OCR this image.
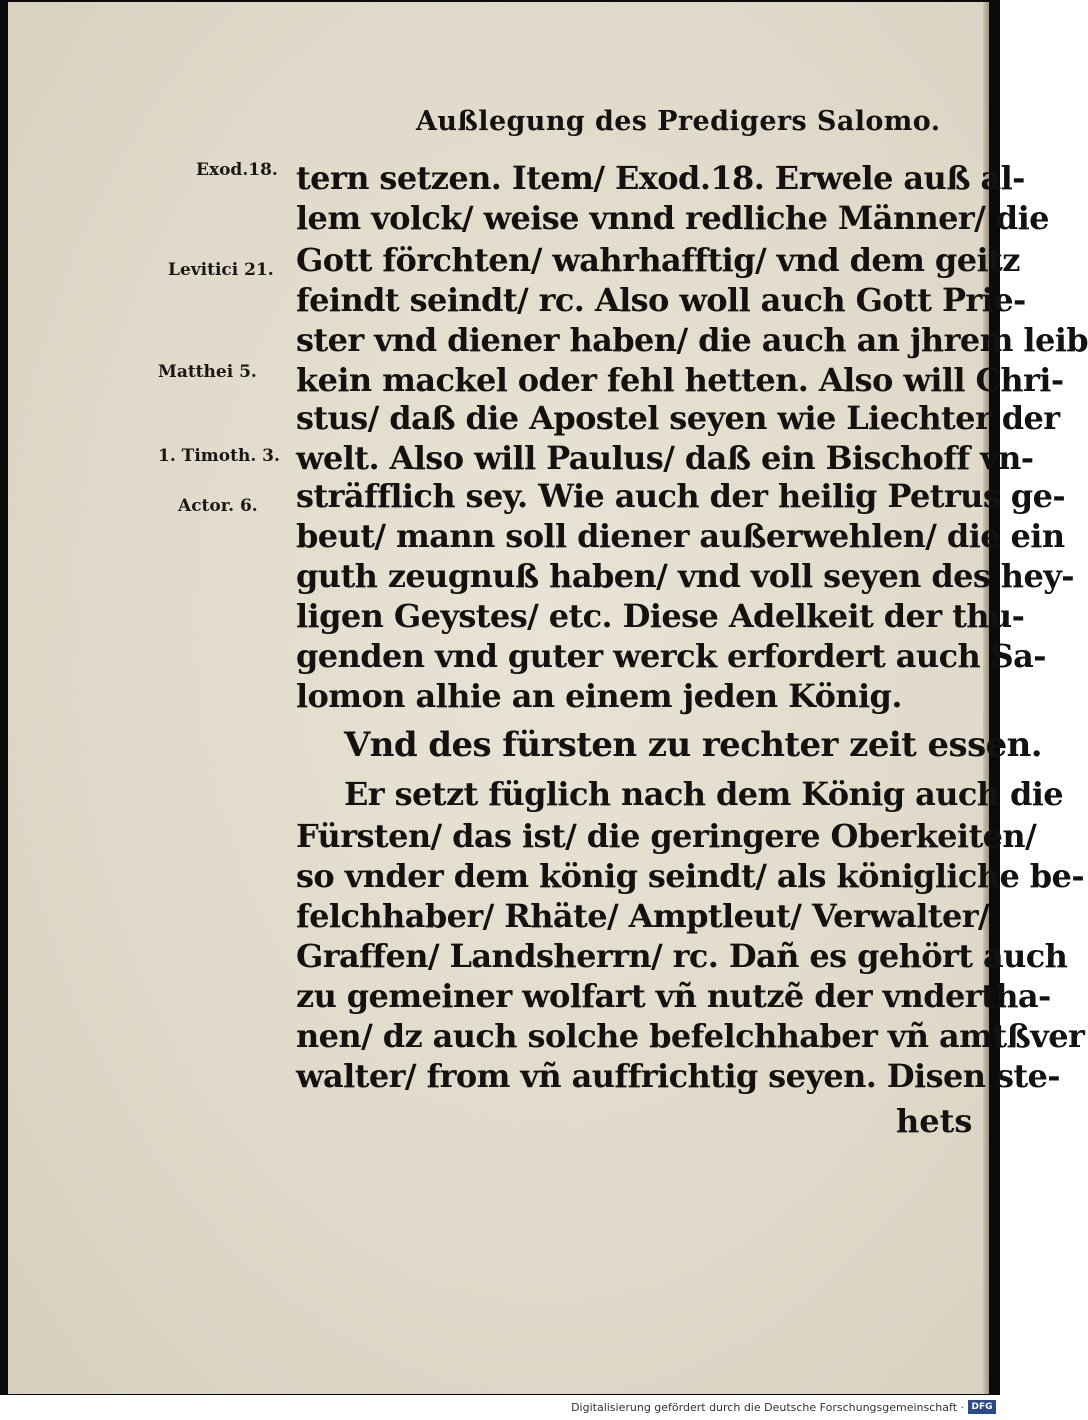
Außlegung des Predigers Salomo.
Exod.18.
Levitici 21.
Matthei 5.
1. Timoth. 3.
Actor. 6.
tern setzen. Item/ Exod.18. Erwele auß al-
lem volck/ weise vnnd redliche Männer/ die
Gott förchten/ wahrhafftig/ vnd dem geitz
feindt seindt/ rc. Also woll auch Gott Prie-
ster vnd diener haben/ die auch an jhrem leib
kein mackel oder fehl hetten. Also will Chri-
stus/ daß die Apostel seyen wie Liechter der
welt. Also will Paulus/ daß ein Bischoff vn-
sträfflich sey. Wie auch der heilig Petrus ge-
beut/ mann soll diener außerwehlen/ die ein
guth zeugnuß haben/ vnd voll seyen des hey-
ligen Geystes/ etc. Diese Adelkeit der thu-
genden vnd guter werck erfordert auch Sa-
lomon alhie an einem jeden König.
Vnd des fürsten zu rechter zeit essen.
Er setzt füglich nach dem König auch die
Fürsten/ das ist/ die geringere Oberkeiten/
so vnder dem könig seindt/ als königliche be-
felchhaber/ Rhäte/ Amptleut/ Verwalter/
Graffen/ Landsherrn/ rc. Dañ es gehört auch
zu gemeiner wolfart vñ nutzẽ der vndertha-
nen/ dz auch solche befelchhaber vñ amtßver
walter/ from vñ auffrichtig seyen. Disen ste-
hets
Digitalisierung gefördert durch die Deutsche Forschungsgemeinschaft · DFG
